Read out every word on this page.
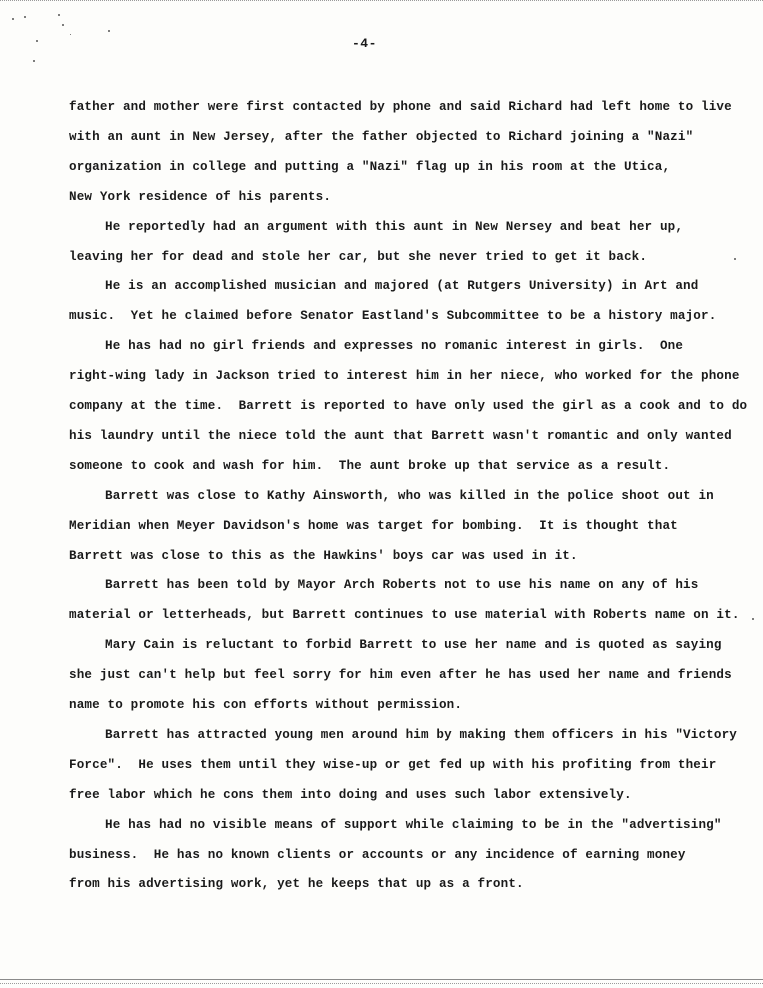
-4-
father and mother were first contacted by phone and said Richard had left home to live
with an aunt in New Jersey, after the father objected to Richard joining a "Nazi"
organization in college and putting a "Nazi" flag up in his room at the Utica,
New York residence of his parents.
He reportedly had an argument with this aunt in New Nersey and beat her up,
leaving her for dead and stole her car, but she never tried to get it back.
He is an accomplished musician and majored (at Rutgers University) in Art and
music.  Yet he claimed before Senator Eastland's Subcommittee to be a history major.
He has had no girl friends and expresses no romanic interest in girls.  One
right-wing lady in Jackson tried to interest him in her niece, who worked for the phone
company at the time.  Barrett is reported to have only used the girl as a cook and to do
his laundry until the niece told the aunt that Barrett wasn't romantic and only wanted
someone to cook and wash for him.  The aunt broke up that service as a result.
Barrett was close to Kathy Ainsworth, who was killed in the police shoot out in
Meridian when Meyer Davidson's home was target for bombing.  It is thought that
Barrett was close to this as the Hawkins' boys car was used in it.
Barrett has been told by Mayor Arch Roberts not to use his name on any of his
material or letterheads, but Barrett continues to use material with Roberts name on it.
Mary Cain is reluctant to forbid Barrett to use her name and is quoted as saying
she just can't help but feel sorry for him even after he has used her name and friends
name to promote his con efforts without permission.
Barrett has attracted young men around him by making them officers in his "Victory
Force".  He uses them until they wise-up or get fed up with his profiting from their
free labor which he cons them into doing and uses such labor extensively.
He has had no visible means of support while claiming to be in the "advertising"
business.  He has no known clients or accounts or any incidence of earning money
from his advertising work, yet he keeps that up as a front.
